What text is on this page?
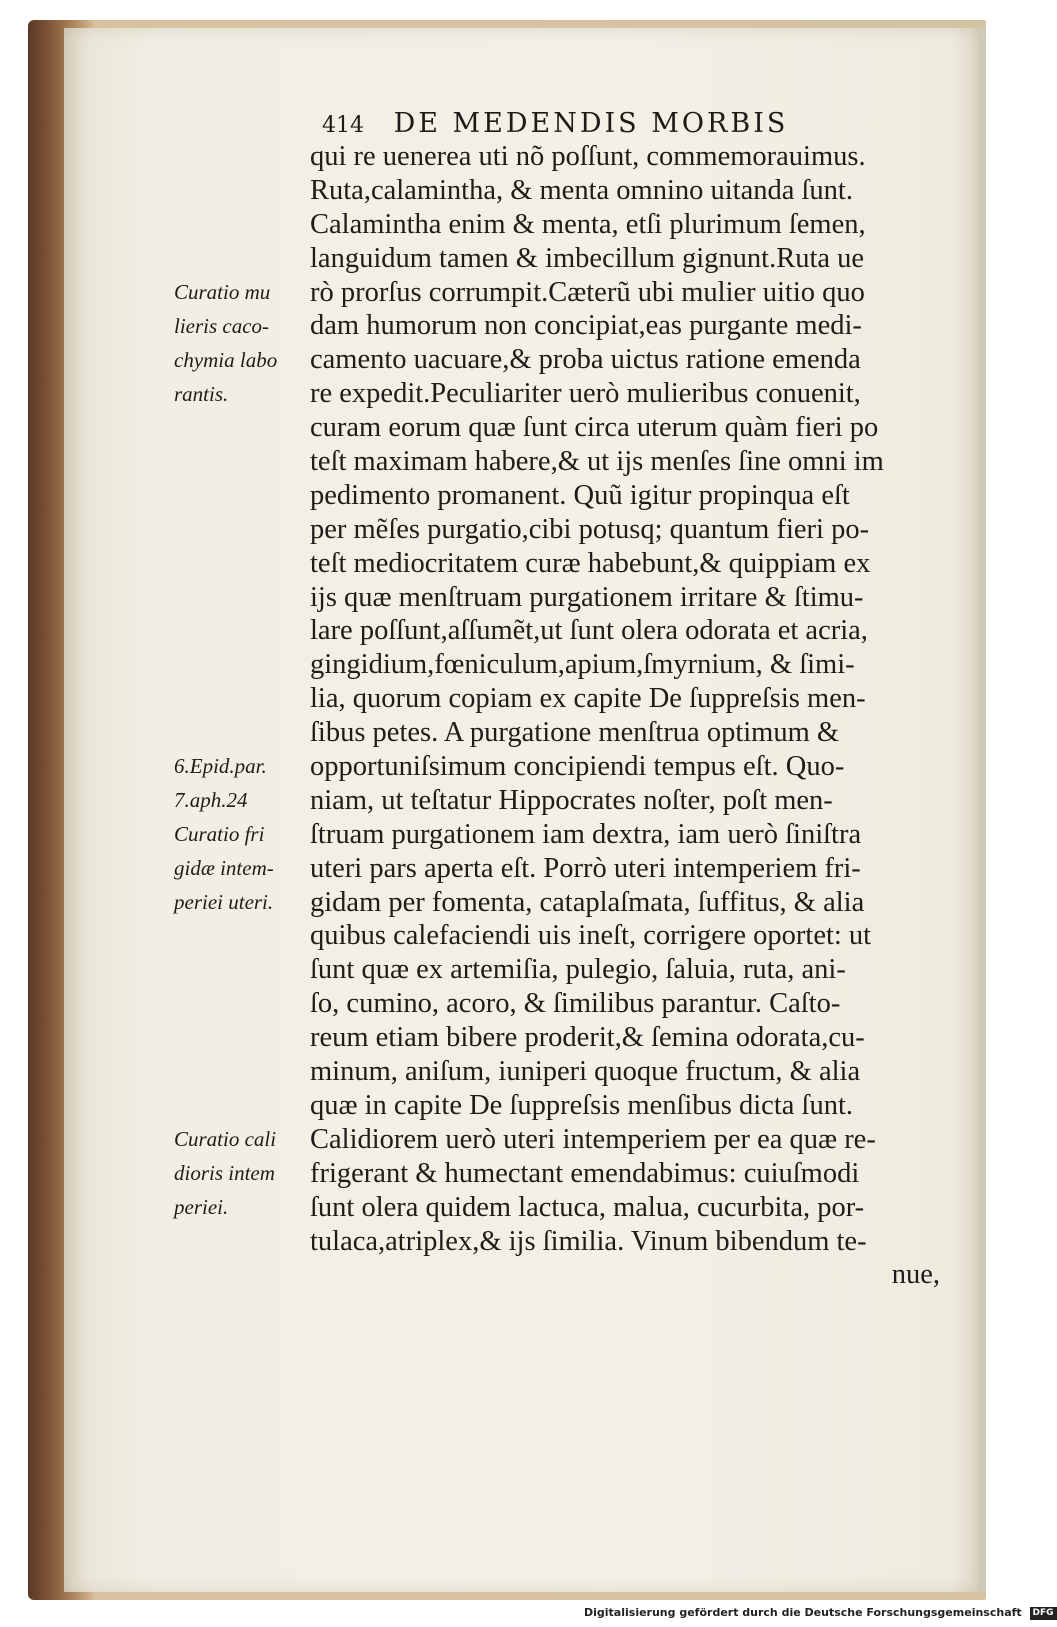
414 DE MEDENDIS MORBIS
qui re uenerea uti nõ poſſunt, commemorauimus.
Ruta,calamintha, & menta omnino uitanda ſunt.
Calamintha enim & menta, etſi plurimum ſemen,
languidum tamen & imbecillum gignunt.Ruta ue
rò prorſus corrumpit.Cæterũ ubi mulier uitio quo
dam humorum non concipiat,eas purgante medi-
camento uacuare,& proba uictus ratione emenda
re expedit.Peculiariter uerò mulieribus conuenit,
curam eorum quæ ſunt circa uterum quàm fieri po
teſt maximam habere,& ut ijs menſes ſine omni im
pedimento promanent. Quũ igitur propinqua eſt
per mẽſes purgatio,cibi potusq; quantum fieri po-
teſt mediocritatem curæ habebunt,& quippiam ex
ijs quæ menſtruam purgationem irritare & ſtimu-
lare poſſunt,aſſumẽt,ut ſunt olera odorata et acria,
gingidium,fœniculum,apium,ſmyrnium, & ſimi-
lia, quorum copiam ex capite De ſuppreſsis men-
ſibus petes. A purgatione menſtrua optimum &
opportuniſsimum concipiendi tempus eſt. Quo-
niam, ut teſtatur Hippocrates noſter, poſt men-
ſtruam purgationem iam dextra, iam uerò ſiniſtra
uteri pars aperta eſt. Porrò uteri intemperiem fri-
gidam per fomenta, cataplaſmata, ſuffitus, & alia
quibus calefaciendi uis ineſt, corrigere oportet: ut
ſunt quæ ex artemiſia, pulegio, ſaluia, ruta, ani-
ſo, cumino, acoro, & ſimilibus parantur. Caſto-
reum etiam bibere proderit,& ſemina odorata,cu-
minum, aniſum, iuniperi quoque fructum, & alia
quæ in capite De ſuppreſsis menſibus dicta ſunt.
Calidiorem uerò uteri intemperiem per ea quæ re-
frigerant & humectant emendabimus: cuiuſmodi
ſunt olera quidem lactuca, malua, cucurbita, por-
tulaca,atriplex,& ijs ſimilia. Vinum bibendum te-
nue,
Curatio mu
lieris caco-
chymia labo
rantis.
6.Epid.par.
7.aph.24
Curatio fri
gidæ intem-
periei uteri.
Curatio cali
dioris intem
periei.
Digitalisierung gefördert durch die Deutsche Forschungsgemeinschaft DFG
